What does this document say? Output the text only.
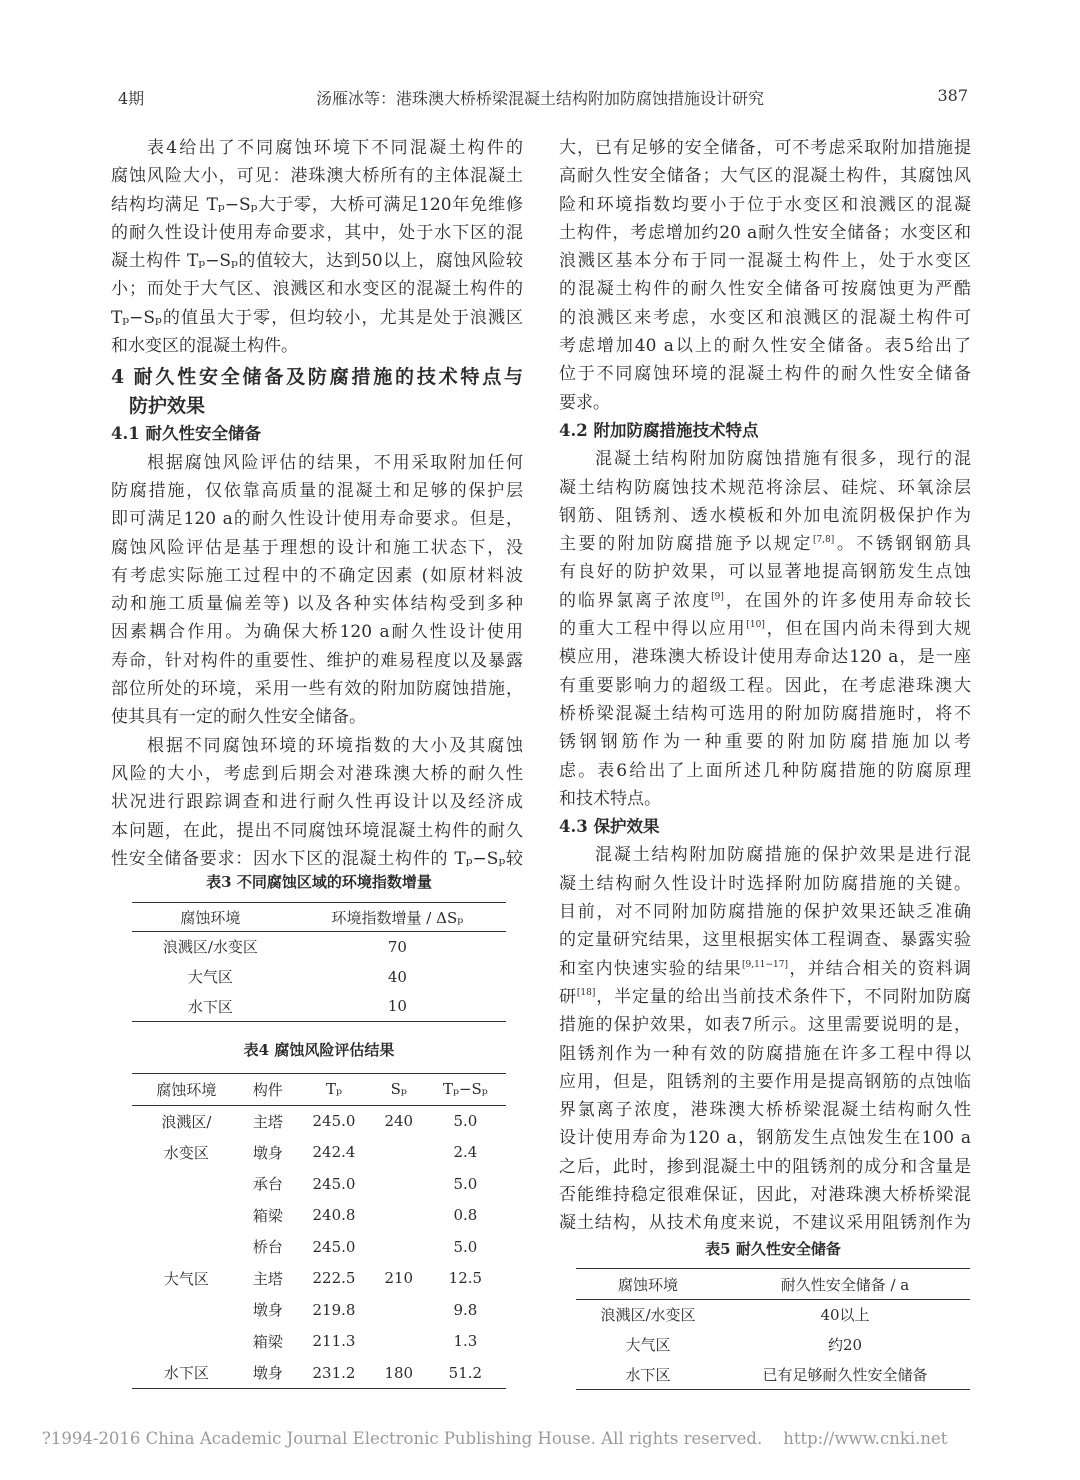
4期	汤雁冰等：港珠澳大桥桥梁混凝土结构附加防腐蚀措施设计研究	387
表4给出了不同腐蚀环境下不同混凝土构件的
腐蚀风险大小，可见：港珠澳大桥所有的主体混凝土
结构均满足 Tₚ−Sₚ大于零，大桥可满足120年免维修
的耐久性设计使用寿命要求，其中，处于水下区的混
凝土构件 Tₚ−Sₚ的值较大，达到50以上，腐蚀风险较
小；而处于大气区、浪溅区和水变区的混凝土构件的
Tₚ−Sₚ的值虽大于零，但均较小，尤其是处于浪溅区
和水变区的混凝土构件。
4 耐久性安全储备及防腐措施的技术特点与
防护效果
4.1 耐久性安全储备
根据腐蚀风险评估的结果，不用采取附加任何
防腐措施，仅依靠高质量的混凝土和足够的保护层
即可满足120 a的耐久性设计使用寿命要求。但是，
腐蚀风险评估是基于理想的设计和施工状态下，没
有考虑实际施工过程中的不确定因素 (如原材料波
动和施工质量偏差等) 以及各种实体结构受到多种
因素耦合作用。为确保大桥120 a耐久性设计使用
寿命，针对构件的重要性、维护的难易程度以及暴露
部位所处的环境，采用一些有效的附加防腐蚀措施，
使其具有一定的耐久性安全储备。
根据不同腐蚀环境的环境指数的大小及其腐蚀
风险的大小，考虑到后期会对港珠澳大桥的耐久性
状况进行跟踪调查和进行耐久性再设计以及经济成
本问题，在此，提出不同腐蚀环境混凝土构件的耐久
性安全储备要求：因水下区的混凝土构件的 Tₚ−Sₚ较
大，已有足够的安全储备，可不考虑采取附加措施提
高耐久性安全储备；大气区的混凝土构件，其腐蚀风
险和环境指数均要小于位于水变区和浪溅区的混凝
土构件，考虑增加约20 a耐久性安全储备；水变区和
浪溅区基本分布于同一混凝土构件上，处于水变区
的混凝土构件的耐久性安全储备可按腐蚀更为严酷
的浪溅区来考虑，水变区和浪溅区的混凝土构件可
考虑增加40 a以上的耐久性安全储备。表5给出了
位于不同腐蚀环境的混凝土构件的耐久性安全储备
要求。
4.2 附加防腐措施技术特点
混凝土结构附加防腐蚀措施有很多，现行的混
凝土结构防腐蚀技术规范将涂层、硅烷、环氧涂层
钢筋、阻锈剂、透水模板和外加电流阴极保护作为
主要的附加防腐措施予以规定[7,8]。不锈钢钢筋具
有良好的防护效果，可以显著地提高钢筋发生点蚀
的临界氯离子浓度[9]，在国外的许多使用寿命较长
的重大工程中得以应用[10]，但在国内尚未得到大规
模应用，港珠澳大桥设计使用寿命达120 a，是一座
有重要影响力的超级工程。因此，在考虑港珠澳大
桥桥梁混凝土结构可选用的附加防腐措施时，将不
锈钢钢筋作为一种重要的附加防腐措施加以考
虑。表6给出了上面所述几种防腐措施的防腐原理
和技术特点。
4.3 保护效果
混凝土结构附加防腐措施的保护效果是进行混
凝土结构耐久性设计时选择附加防腐措施的关键。
目前，对不同附加防腐措施的保护效果还缺乏准确
的定量研究结果，这里根据实体工程调查、暴露实验
和室内快速实验的结果[9,11−17]，并结合相关的资料调
研[18]，半定量的给出当前技术条件下，不同附加防腐
措施的保护效果，如表7所示。这里需要说明的是，
阻锈剂作为一种有效的防腐措施在许多工程中得以
应用，但是，阻锈剂的主要作用是提高钢筋的点蚀临
界氯离子浓度，港珠澳大桥桥梁混凝土结构耐久性
设计使用寿命为120 a，钢筋发生点蚀发生在100 a
之后，此时，掺到混凝土中的阻锈剂的成分和含量是
否能维持稳定很难保证，因此，对港珠澳大桥桥梁混
凝土结构，从技术角度来说，不建议采用阻锈剂作为
表3 不同腐蚀区域的环境指数增量
腐蚀环境	环境指数增量 / ΔSₚ
浪溅区/水变区	70
大气区	40
水下区	10
表4 腐蚀风险评估结果
腐蚀环境	构件	Tₚ	Sₚ	Tₚ−Sₚ
浪溅区/	主塔	245.0	240	5.0
水变区	墩身	242.4		2.4
	承台	245.0		5.0
	箱梁	240.8		0.8
	桥台	245.0		5.0
大气区	主塔	222.5	210	12.5
	墩身	219.8		9.8
	箱梁	211.3		1.3
水下区	墩身	231.2	180	51.2
表5 耐久性安全储备
腐蚀环境	耐久性安全储备 / a
浪溅区/水变区	40以上
大气区	约20
水下区	已有足够耐久性安全储备
?1994-2016 China Academic Journal Electronic Publishing House. All rights reserved. http://www.cnki.net
